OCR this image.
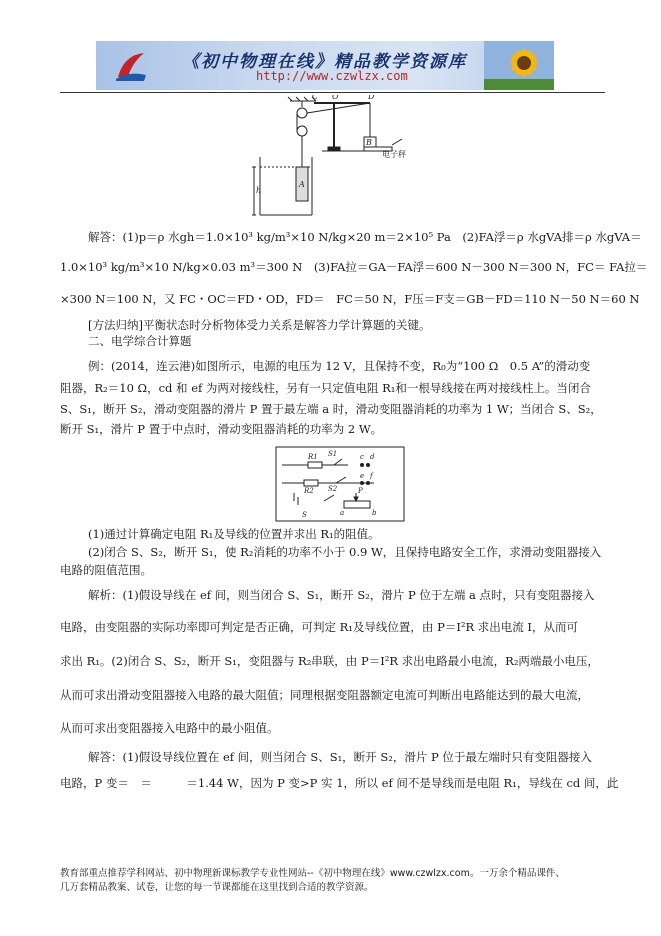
《初中物理在线》精品教学资源库
http://www.czwlzx.com
C O	D
B
A
h
电子秤
解答：(1)p＝ρ 水gh＝1.0×10³ kg/m³×10 N/kg×20 m＝2×10⁵ Pa　(2)FA浮＝ρ 水gVA排＝ρ 水gVA＝
1.0×10³ kg/m³×10 N/kg×0.03 m³＝300 N　(3)FA拉＝GA－FA浮＝600 N－300 N＝300 N，FC＝ FA拉＝
×300 N＝100 N，又 FC・OC＝FD・OD，FD＝　FC＝50 N，F压＝F支＝GB－FD＝110 N－50 N＝60 N
[方法归纳]平衡状态时分析物体受力关系是解答力学计算题的关键。
二、电学综合计算题
例：(2014，连云港)如图所示，电源的电压为 12 V，且保持不变，R₀为“100 Ω　0.5 A”的滑动变
阻器，R₂＝10 Ω，cd 和 ef 为两对接线柱，另有一只定值电阻 R₁和一根导线接在两对接线柱上。当闭合
S、S₁，断开 S₂，滑动变阻器的滑片 P 置于最左端 a 时，滑动变阻器消耗的功率为 1 W；当闭合 S、S₂，
断开 S₁，滑片 P 置于中点时，滑动变阻器消耗的功率为 2 W。
S1
R1
R2
c d
e f
S
S2	P
a	b
(1)通过计算确定电阻 R₁及导线的位置并求出 R₁的阻值。
(2)闭合 S、S₂，断开 S₁，使 R₂消耗的功率不小于 0.9 W，且保持电路安全工作，求滑动变阻器接入
电路的阻值范围。
解析：(1)假设导线在 ef 间，则当闭合 S、S₁，断开 S₂，滑片 P 位于左端 a 点时，只有变阻器接入
电路，由变阻器的实际功率即可判定是否正确，可判定 R₁及导线位置，由 P＝I²R 求出电流 I，从而可
求出 R₁。(2)闭合 S、S₂，断开 S₁，变阻器与 R₂串联，由 P＝I²R 求出电路最小电流，R₂两端最小电压，
从而可求出滑动变阻器接入电路的最大阻值；同理根据变阻器额定电流可判断出电路能达到的最大电流，
从而可求出变阻器接入电路中的最小阻值。
解答：(1)假设导线位置在 ef 间，则当闭合 S、S₁，断开 S₂，滑片 P 位于最左端时只有变阻器接入
电路，P 变＝　＝　　　＝1.44 W，因为 P 变>P 实 1，所以 ef 间不是导线而是电阻 R₁，导线在 cd 间，此
教育部重点推荐学科网站、初中物理新课标教学专业性网站--《初中物理在线》www.czwlzx.com。一万余个精品课件、
几万套精品教案、试卷，让您的每一节课都能在这里找到合适的教学资源。
